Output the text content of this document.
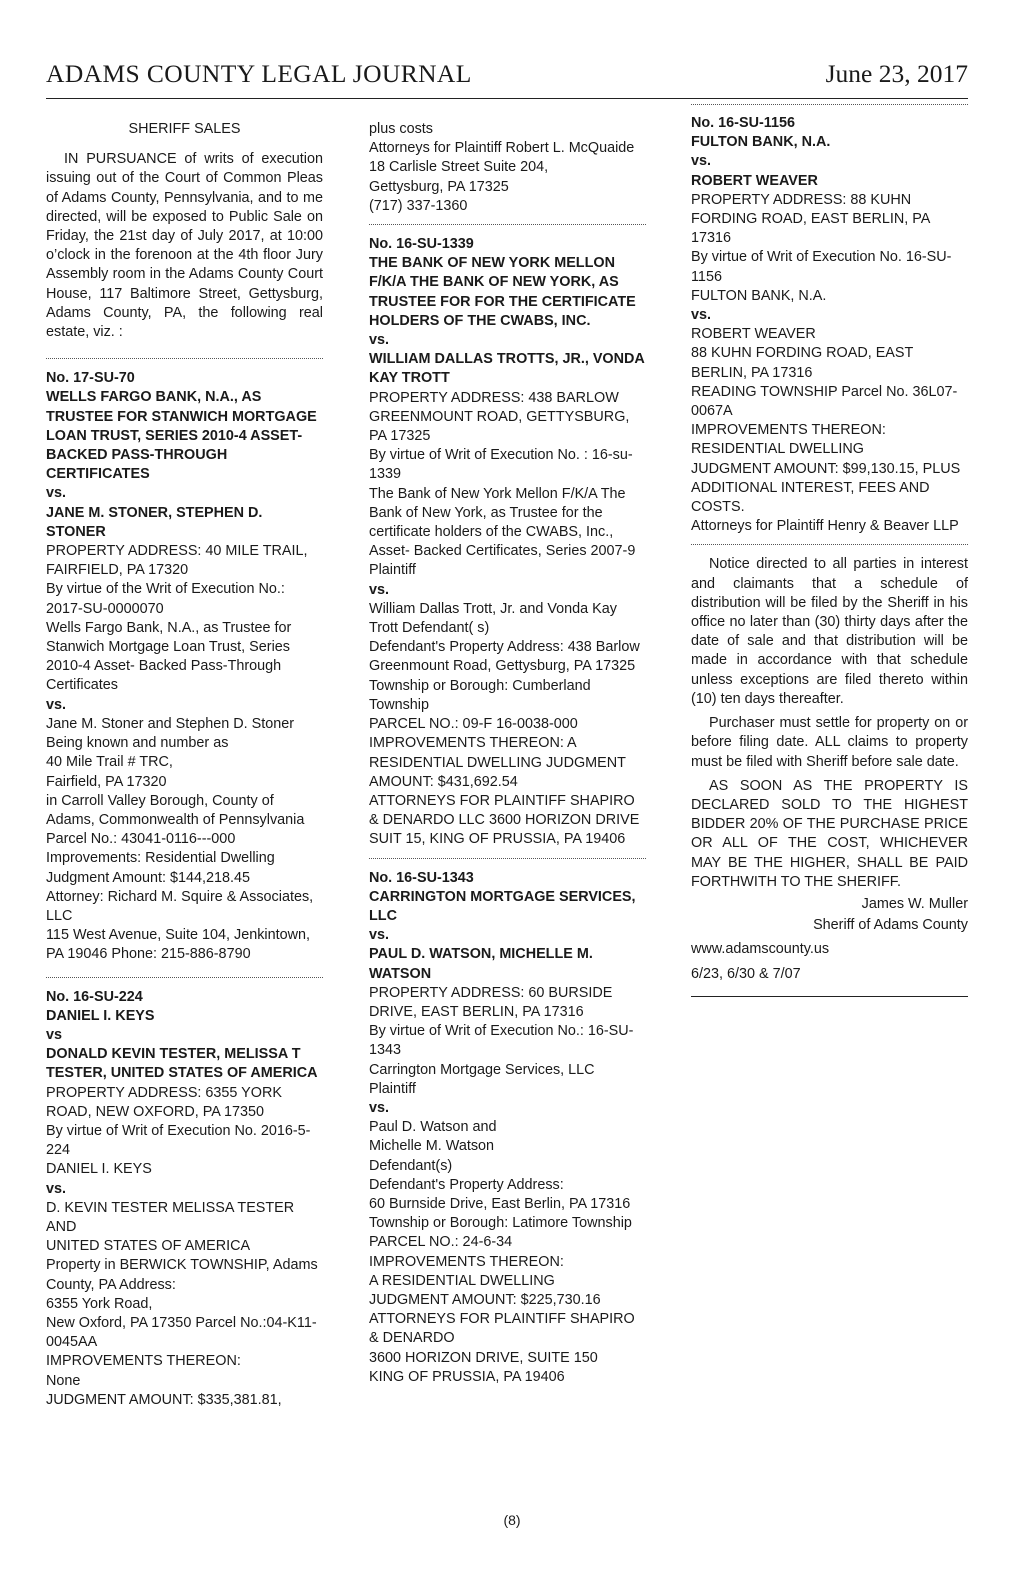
ADAMS COUNTY LEGAL JOURNAL	June 23, 2017

SHERIFF SALES

IN PURSUANCE of writs of execution issuing out of the Court of Common Pleas of Adams County, Pennsylvania, and to me directed, will be exposed to Public Sale on Friday, the 21st day of July 2017, at 10:00 o’clock in the forenoon at the 4th floor Jury Assembly room in the Adams County Court House, 117 Baltimore Street, Gettysburg, Adams County, PA, the following real estate, viz. :

No. 17-SU-70

WELLS FARGO BANK, N.A., AS TRUSTEE FOR STANWICH MORTGAGE LOAN TRUST, SERIES 2010-4 ASSET-BACKED PASS-THROUGH CERTIFICATES

vs.

JANE M. STONER, STEPHEN D. STONER

PROPERTY ADDRESS: 40 MILE TRAIL, FAIRFIELD, PA 17320

By virtue of the Writ of Execution No.: 2017-SU-0000070

Wells Fargo Bank, N.A., as Trustee for Stanwich Mortgage Loan Trust, Series 2010-4 Asset- Backed Pass-Through Certificates

vs.

Jane M. Stoner and Stephen D. Stoner

Being known and number as

40 Mile Trail # TRC,

Fairfield, PA 17320

in Carroll Valley Borough, County of Adams, Commonwealth of Pennsylvania Parcel No.: 43041-0116---000

Improvements: Residential Dwelling

Judgment Amount: $144,218.45

Attorney: Richard M. Squire & Associates, LLC

115 West Avenue, Suite 104, Jenkintown, PA 19046 Phone: 215-886-8790

No. 16-SU-224

DANIEL I. KEYS

vs

DONALD KEVIN TESTER, MELISSA T TESTER, UNITED STATES OF AMERICA

PROPERTY ADDRESS: 6355 YORK ROAD, NEW OXFORD, PA 17350

By virtue of Writ of Execution No. 2016-5-224

DANIEL I. KEYS

vs.

D. KEVIN TESTER MELISSA TESTER AND

UNITED STATES OF AMERICA

Property in BERWICK TOWNSHIP, Adams County, PA Address:

6355 York Road,

New Oxford, PA 17350 Parcel No.:04-K11-0045AA

IMPROVEMENTS THEREON:

None

JUDGMENT AMOUNT: $335,381.81,

plus costs

Attorneys for Plaintiff Robert L. McQuaide

18 Carlisle Street Suite 204,

Gettysburg, PA 17325

(717) 337-1360

No. 16-SU-1339

THE BANK OF NEW YORK MELLON F/K/A THE BANK OF NEW YORK, AS TRUSTEE FOR FOR THE CERTIFICATE HOLDERS OF THE CWABS, INC.

vs.

WILLIAM DALLAS TROTTS, JR., VONDA KAY TROTT

PROPERTY ADDRESS: 438 BARLOW GREENMOUNT ROAD, GETTYSBURG, PA 17325

By virtue of Writ of Execution No. : 16-su-1339

The Bank of New York Mellon F/K/A The Bank of New York, as Trustee for the certificate holders of the CWABS, Inc., Asset- Backed Certificates, Series 2007-9

Plaintiff

vs.

William Dallas Trott, Jr. and Vonda Kay Trott Defendant( s)

Defendant's Property Address: 438 Barlow Greenmount Road, Gettysburg, PA 17325 Township or Borough: Cumberland Township

PARCEL NO.: 09-F 16-0038-000

IMPROVEMENTS THEREON: A RESIDENTIAL DWELLING JUDGMENT AMOUNT: $431,692.54

ATTORNEYS FOR PLAINTIFF SHAPIRO & DENARDO LLC 3600 HORIZON DRIVE SUIT 15, KING OF PRUSSIA, PA 19406

No. 16-SU-1343

CARRINGTON MORTGAGE SERVICES, LLC

vs.

PAUL D. WATSON, MICHELLE M. WATSON

PROPERTY ADDRESS: 60 BURSIDE DRIVE, EAST BERLIN, PA 17316

By virtue of Writ of Execution No.: 16-SU-1343

Carrington Mortgage Services, LLC

Plaintiff

vs.

Paul D. Watson and

Michelle M. Watson

Defendant(s)

Defendant's Property Address:

60 Burnside Drive, East Berlin, PA 17316 Township or Borough: Latimore Township

PARCEL NO.: 24-6-34

IMPROVEMENTS THEREON:

A RESIDENTIAL DWELLING

JUDGMENT AMOUNT: $225,730.16

ATTORNEYS FOR PLAINTIFF SHAPIRO & DENARDO

3600 HORIZON DRIVE, SUITE 150

KING OF PRUSSIA, PA 19406

No. 16-SU-1156

FULTON BANK, N.A.

vs.

ROBERT WEAVER

PROPERTY ADDRESS: 88 KUHN FORDING ROAD, EAST BERLIN, PA 17316

By virtue of Writ of Execution No. 16-SU-1156

FULTON BANK, N.A.

vs.

ROBERT WEAVER

88 KUHN FORDING ROAD, EAST BERLIN, PA 17316

READING TOWNSHIP Parcel No. 36L07-0067A

IMPROVEMENTS THEREON: RESIDENTIAL DWELLING

JUDGMENT AMOUNT: $99,130.15, PLUS ADDITIONAL INTEREST, FEES AND COSTS.

Attorneys for Plaintiff Henry & Beaver LLP

Notice directed to all parties in interest and claimants that a schedule of distribution will be filed by the Sheriff in his office no later than (30) thirty days after the date of sale and that distribution will be made in accordance with that schedule unless exceptions are filed thereto within (10) ten days thereafter.

Purchaser must settle for property on or before filing date. ALL claims to property must be filed with Sheriff before sale date.

AS SOON AS THE PROPERTY IS DECLARED SOLD TO THE HIGHEST BIDDER 20% OF THE PURCHASE PRICE OR ALL OF THE COST, WHICHEVER MAY BE THE HIGHER, SHALL BE PAID FORTHWITH TO THE SHERIFF.

James W. Muller

Sheriff of Adams County

www.adamscounty.us

6/23, 6/30 & 7/07

(8)
